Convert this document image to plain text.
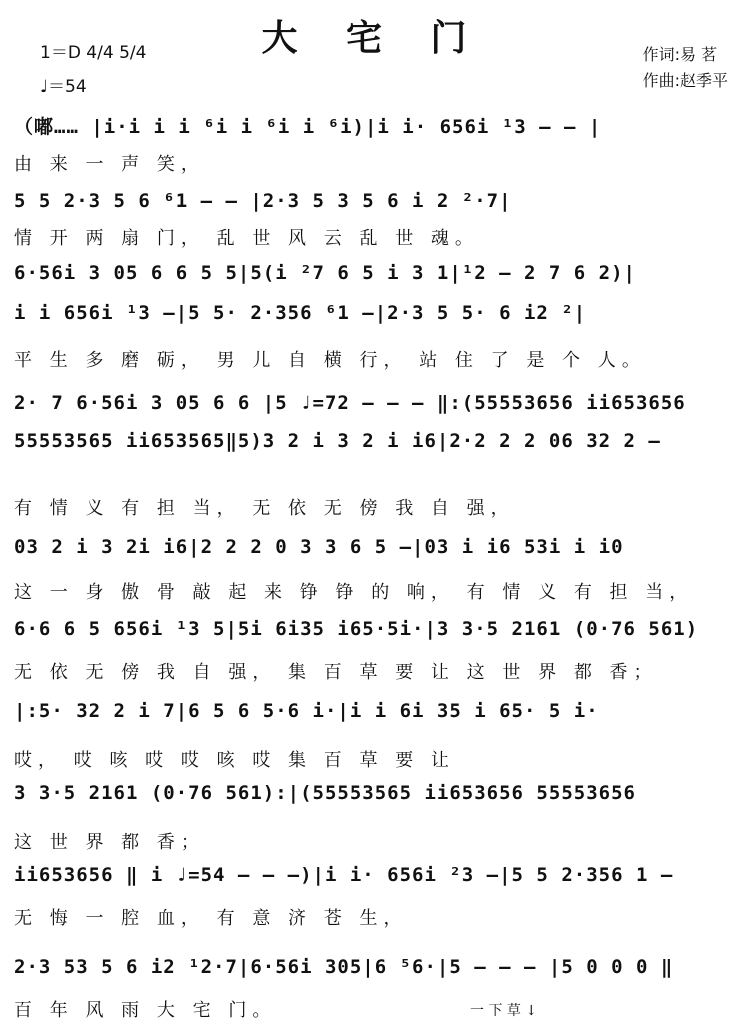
大 宅 门
1＝D 4/4 5/4
♩＝54
作词:易 茗
作曲:赵季平
（嘟…… |i·i i i ⁶i i ⁶i i ⁶i)|i i· 656i ¹3 – – |
由 来 一 声 笑，
5 5 2·3 5 6 ⁶1 – – |2·3 5 3 5 6 i 2 ²·7|
情 开 两 扇 门， 乱 世 风 云 乱 世 魂。
6·56i 3 05 6 6 5 5|5(i ²7 6 5 i 3 1|¹2 – 2 7 6 2)|
i i 656i ¹3 –|5 5· 2·356 ⁶1 –|2·3 5 5· 6 i2 ²|
平 生 多 磨 砺， 男 儿 自 横 行， 站 住 了 是 个 人。
2· 7 6·56i 3 05 6 6 |5 ♩=72 – – – ‖:(55553656 ii653656
55553565 ii653565‖5)3 2 i 3 2 i i6|2·2 2 2 06 32 2 –
有 情 义 有 担 当， 无 依 无 傍 我 自 强，
03 2 i 3 2i i6|2 2 2 0 3 3 6 5 –|03 i i6 53i i i0
这 一 身 傲 骨 敲 起 来 铮 铮 的 响， 有 情 义 有 担 当，
6·6 6 5 656i ¹3 5|5i 6i35 i65·5i·|3 3·5 2161 (0·76 561)
无 依 无 傍 我 自 强， 集 百 草 要 让 这 世 界 都 香；
|:5· 32 2 i 7|6 5 6 5·6 i·|i i 6i 35 i 65· 5 i·
哎， 哎 咳 哎 哎 咳 哎 集 百 草 要 让
3 3·5 2161 (0·76 561):|(55553565 ii653656 55553656
这 世 界 都 香；
ii653656 ‖ i ♩=54 – – –)|i i· 656i ²3 –|5 5 2·356 1 –
无 悔 一 腔 血， 有 意 济 苍 生，
2·3 53 5 6 i2 ¹2·7|6·56i 305|6 ⁵6·|5 – – – |5 0 0 0 ‖
百 年 风 雨 大 宅 门。	一 下 草 ↓
